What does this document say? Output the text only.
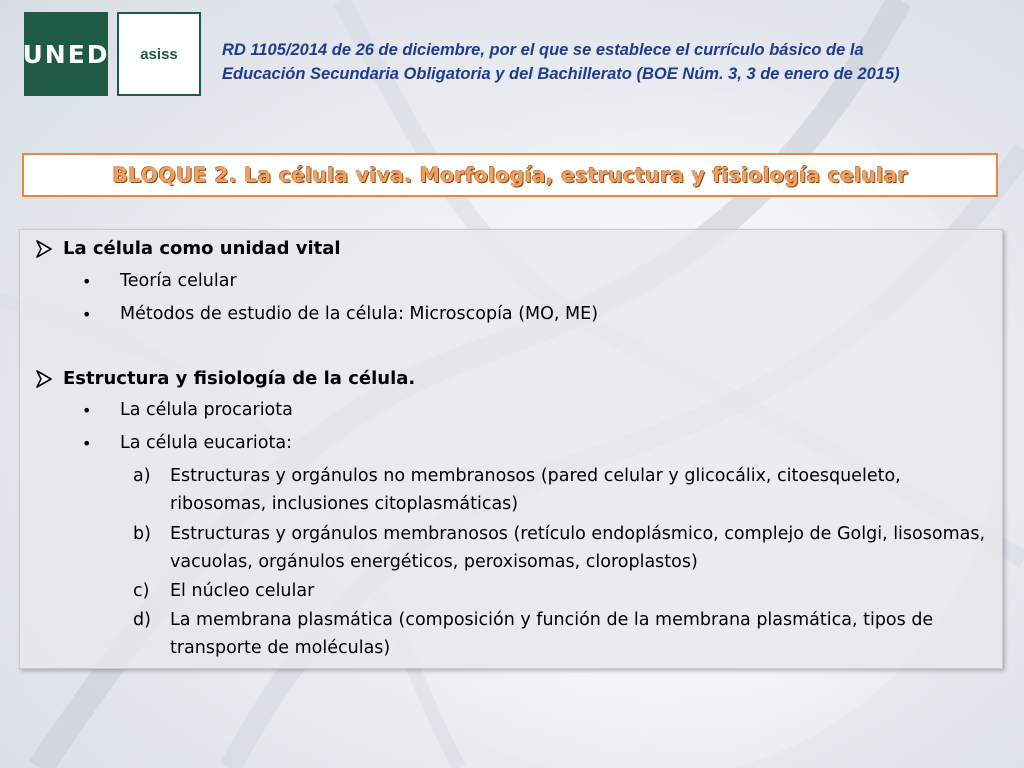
UNED asiss	RD 1105/2014 de 26 de diciembre, por el que se establece el currículo básico de la
Educación Secundaria Obligatoria y del Bachillerato (BOE Núm. 3, 3 de enero de 2015)
BLOQUE 2. La célula viva. Morfología, estructura y fisiología celular
La célula como unidad vital
•	Teoría celular
•	Métodos de estudio de la célula: Microscopía (MO, ME)
Estructura y fisiología de la célula.
•	La célula procariota
•	La célula eucariota:
a)	Estructuras y orgánulos no membranosos (pared celular y glicocálix, citoesqueleto, ribosomas, inclusiones citoplasmáticas)
b)	Estructuras y orgánulos membranosos (retículo endoplásmico, complejo de Golgi, lisosomas, vacuolas, orgánulos energéticos, peroxisomas, cloroplastos)
c)	El núcleo celular
d)	La membrana plasmática (composición y función de la membrana plasmática, tipos de transporte de moléculas)
